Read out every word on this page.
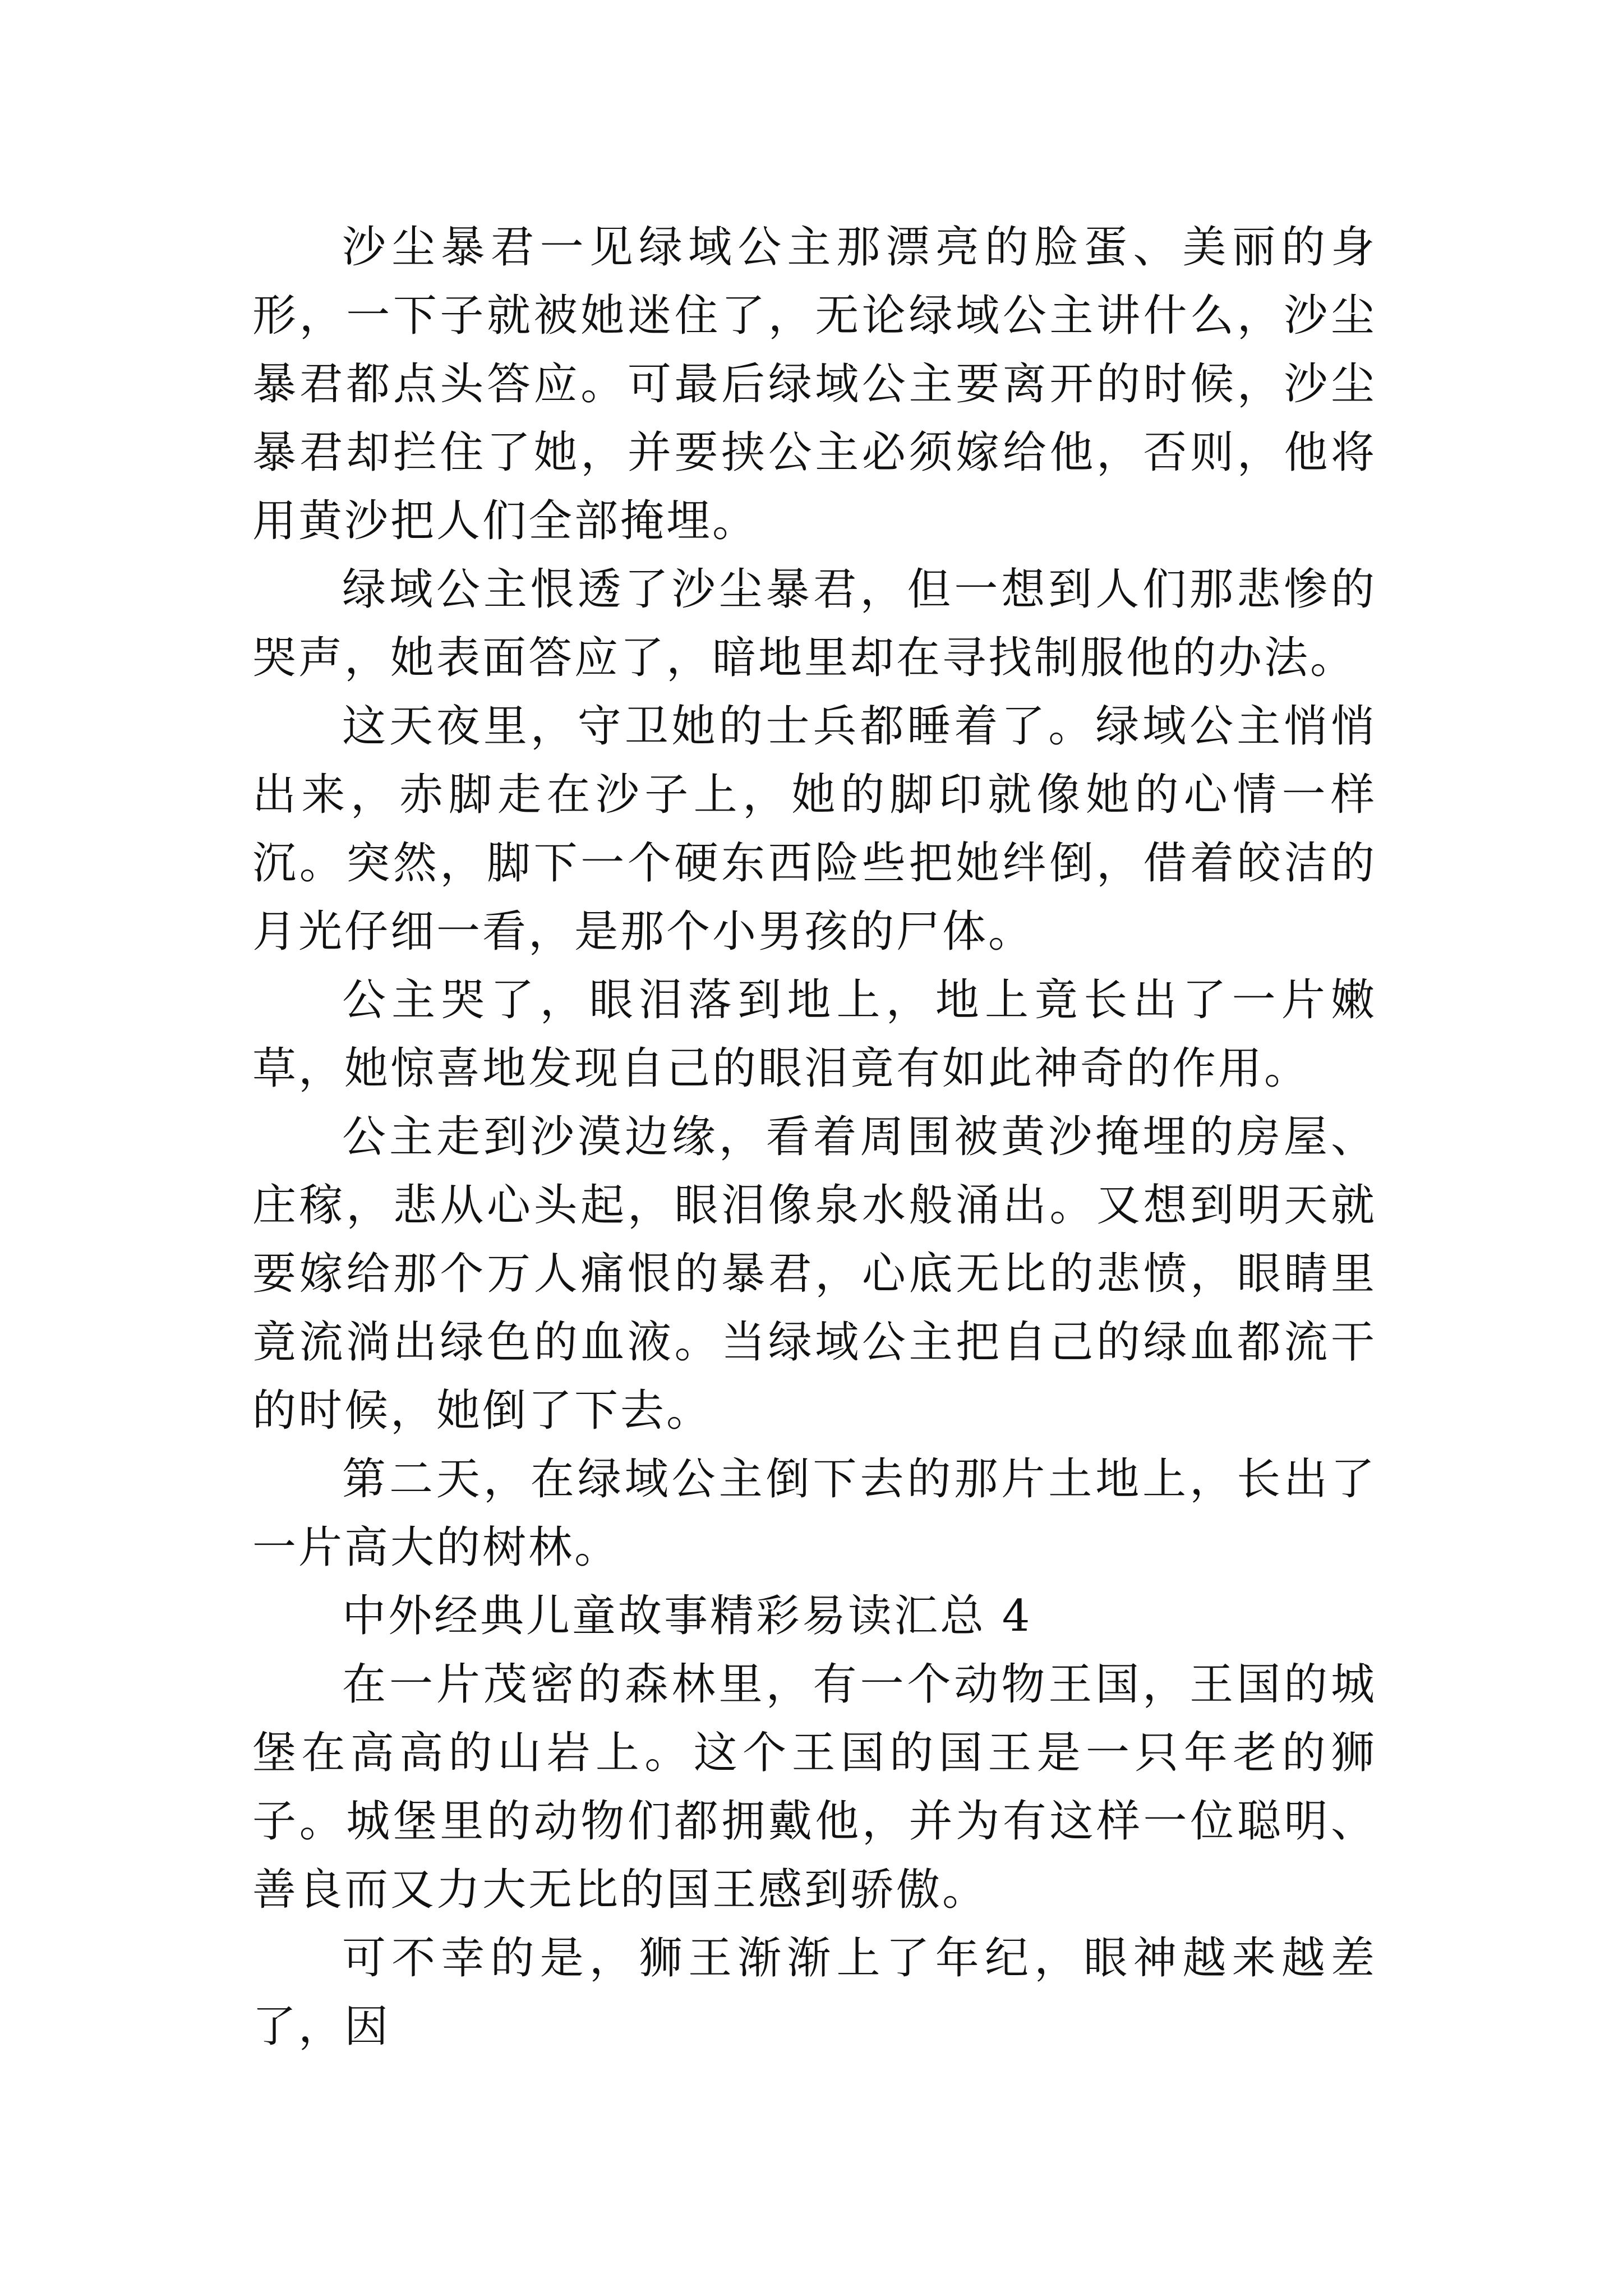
沙尘暴君一见绿域公主那漂亮的脸蛋、美丽的身形，一下子就被她迷住了，无论绿域公主讲什么，沙尘暴君都点头答应。可最后绿域公主要离开的时候，沙尘暴君却拦住了她，并要挟公主必须嫁给他，否则，他将用黄沙把人们全部掩埋。

绿域公主恨透了沙尘暴君，但一想到人们那悲惨的哭声，她表面答应了，暗地里却在寻找制服他的办法。

这天夜里，守卫她的士兵都睡着了。绿域公主悄悄出来，赤脚走在沙子上，她的脚印就像她的心情一样沉。突然，脚下一个硬东西险些把她绊倒，借着皎洁的月光仔细一看，是那个小男孩的尸体。

公主哭了，眼泪落到地上，地上竟长出了一片嫩草，她惊喜地发现自己的眼泪竟有如此神奇的作用。

公主走到沙漠边缘，看着周围被黄沙掩埋的房屋、庄稼，悲从心头起，眼泪像泉水般涌出。又想到明天就要嫁给那个万人痛恨的暴君，心底无比的悲愤，眼睛里竟流淌出绿色的血液。当绿域公主把自己的绿血都流干的时候，她倒了下去。

第二天，在绿域公主倒下去的那片土地上，长出了一片高大的树林。

中外经典儿童故事精彩易读汇总 4

在一片茂密的森林里，有一个动物王国，王国的城堡在高高的山岩上。这个王国的国王是一只年老的狮子。城堡里的动物们都拥戴他，并为有这样一位聪明、善良而又力大无比的国王感到骄傲。

可不幸的是，狮王渐渐上了年纪，眼神越来越差了，因
